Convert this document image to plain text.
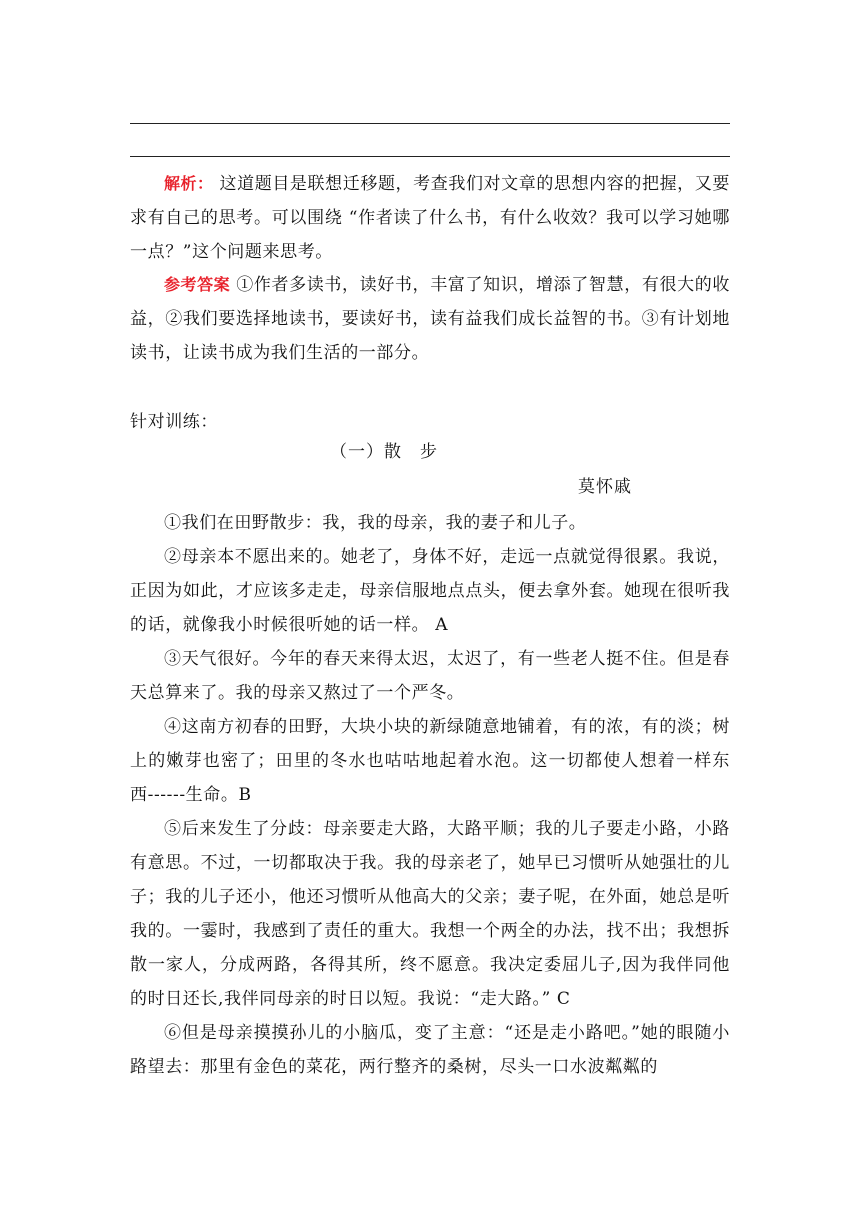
解析： 这道题目是联想迁移题，考查我们对文章的思想内容的把握，又要求有自己的思考。可以围绕 “作者读了什么书，有什么收效？我可以学习她哪一点？”这个问题来思考。
参考答案 ①作者多读书，读好书，丰富了知识，增添了智慧，有很大的收益，②我们要选择地读书，要读好书，读有益我们成长益智的书。③有计划地读书，让读书成为我们生活的一部分。
针对训练：
（一）散　步
莫怀戚

①我们在田野散步：我，我的母亲，我的妻子和儿子。

②母亲本不愿出来的。她老了，身体不好，走远一点就觉得很累。我说，正因为如此，才应该多走走，母亲信服地点点头，便去拿外套。她现在很听我的话，就像我小时候很听她的话一样。 A

③天气很好。今年的春天来得太迟，太迟了，有一些老人挺不住。但是春天总算来了。我的母亲又熬过了一个严冬。

④这南方初春的田野，大块小块的新绿随意地铺着，有的浓，有的淡；树上的嫩芽也密了；田里的冬水也咕咕地起着水泡。这一切都使人想着一样东西------生命。B

⑤后来发生了分歧：母亲要走大路，大路平顺；我的儿子要走小路，小路有意思。不过，一切都取决于我。我的母亲老了，她早已习惯听从她强壮的儿子；我的儿子还小，他还习惯听从他高大的父亲；妻子呢，在外面，她总是听我的。一霎时，我感到了责任的重大。我想一个两全的办法，找不出；我想拆散一家人，分成两路，各得其所，终不愿意。我决定委屈儿子,因为我伴同他的时日还长,我伴同母亲的时日以短。我说：“走大路。” C

⑥但是母亲摸摸孙儿的小脑瓜，变了主意：“还是走小路吧。”她的眼随小路望去：那里有金色的菜花，两行整齐的桑树，尽头一口水波粼粼的
